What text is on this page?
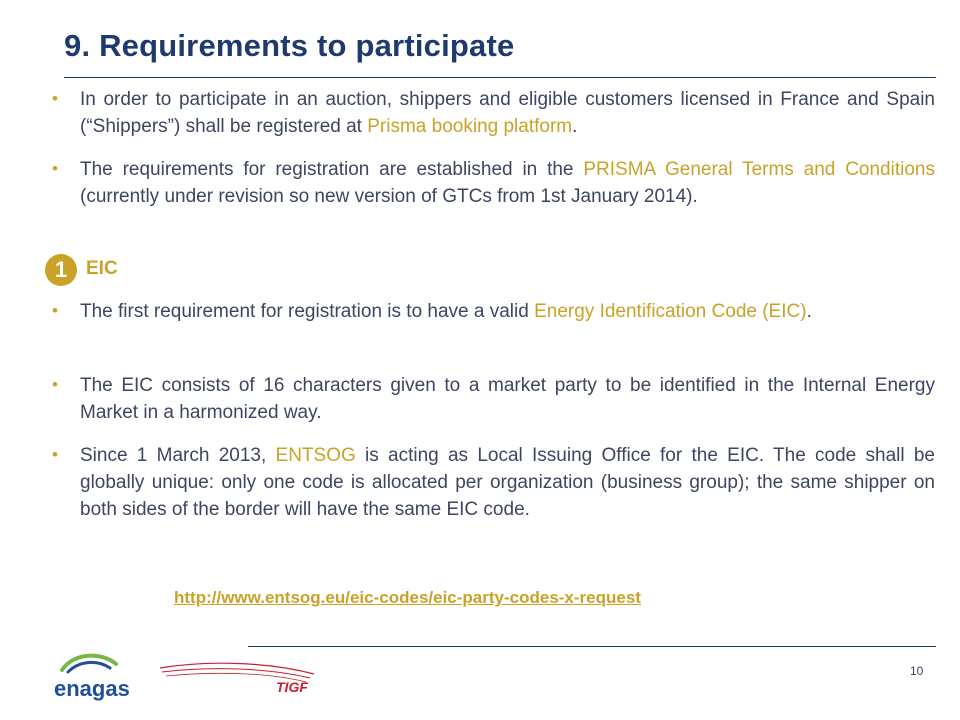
9. Requirements to participate
• In order to participate in an auction, shippers and eligible customers licensed in France and Spain (“Shippers”) shall be registered at Prisma booking platform.
• The requirements for registration are established in the PRISMA General Terms and Conditions (currently under revision so new version of GTCs from 1st January 2014).
1 EIC
• The first requirement for registration is to have a valid Energy Identification Code (EIC).
• The EIC consists of 16 characters given to a market party to be identified in the Internal Energy Market in a harmonized way.
• Since 1 March 2013, ENTSOG is acting as Local Issuing Office for the EIC. The code shall be globally unique: only one code is allocated per organization (business group); the same shipper on both sides of the border will have the same EIC code.
http://www.entsog.eu/eic-codes/eic-party-codes-x-request
enagas	TIGF
10
